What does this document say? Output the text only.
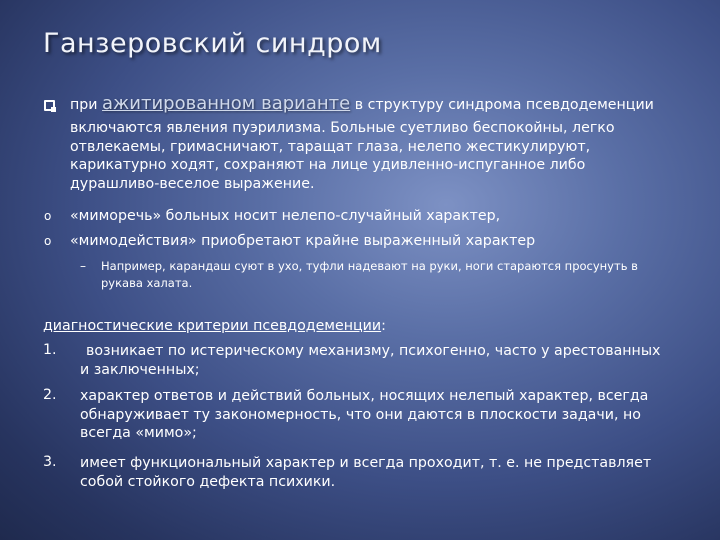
Ганзеровский синдром
при ажитированном варианте в структуру синдрома псевдодеменции
включаются явления пуэрилизма. Больные суетливо беспокойны, легко
отвлекаемы, гримасничают, таращат глаза, нелепо жестикулируют,
карикатурно ходят, сохраняют на лице удивленно-испуганное либо
дурашливо-веселое выражение.
o «миморечь» больных носит нелепо-случайный характер,
o «мимодействия» приобретают крайне выраженный характер
– Например, карандаш суют в ухо, туфли надевают на руки, ноги стараются просунуть в
рукава халата.
диагностические критерии псевдодеменции:
1.	возникает по истерическому механизму, психогенно, часто у арестованных
и заключенных;
2. характер ответов и действий больных, носящих нелепый характер, всегда
обнаруживает ту закономерность, что они даются в плоскости задачи, но
всегда «мимо»;
3. имеет функциональный характер и всегда проходит, т. е. не представляет
собой стойкого дефекта психики.
